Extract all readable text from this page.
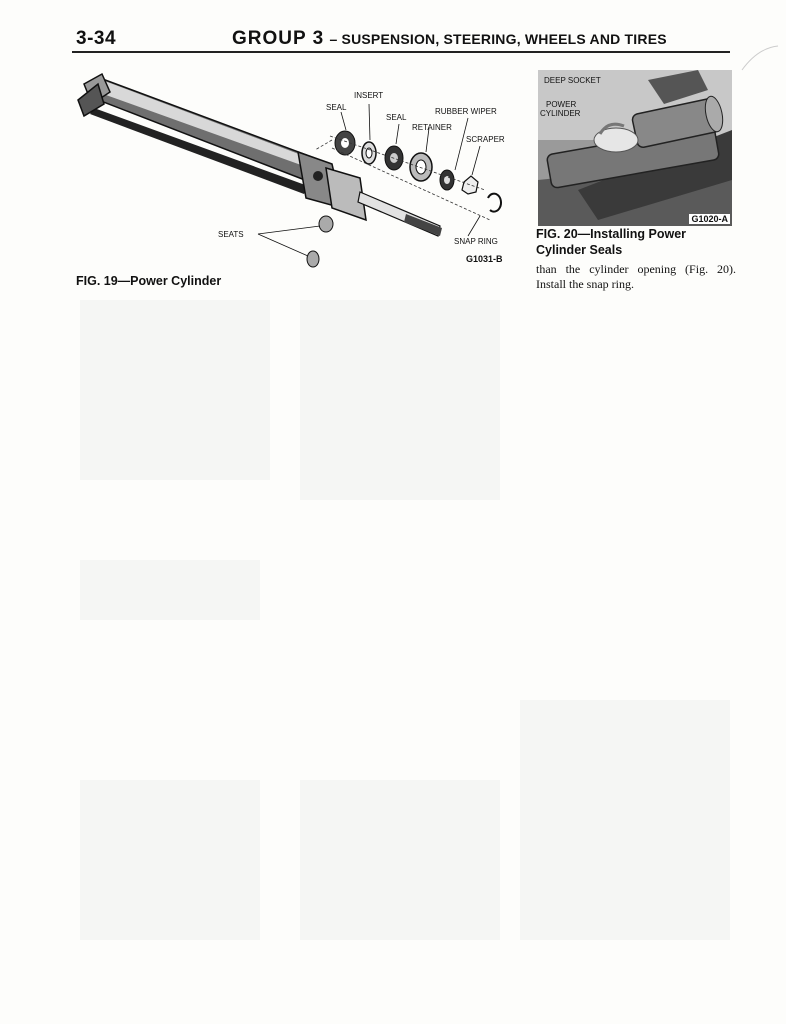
3-34	GROUP 3 – SUSPENSION, STEERING, WHEELS AND TIRES
INSERT
SEAL
SEAL
RUBBER WIPER
RETAINER
SCRAPER
SEATS
SNAP RING
G1031-B
FIG. 19—Power Cylinder
DEEP SOCKET
POWER
CYLINDER
G1020-A
FIG. 20—Installing Power
Cylinder Seals
than the cylinder opening (Fig. 20). Install the snap ring.
